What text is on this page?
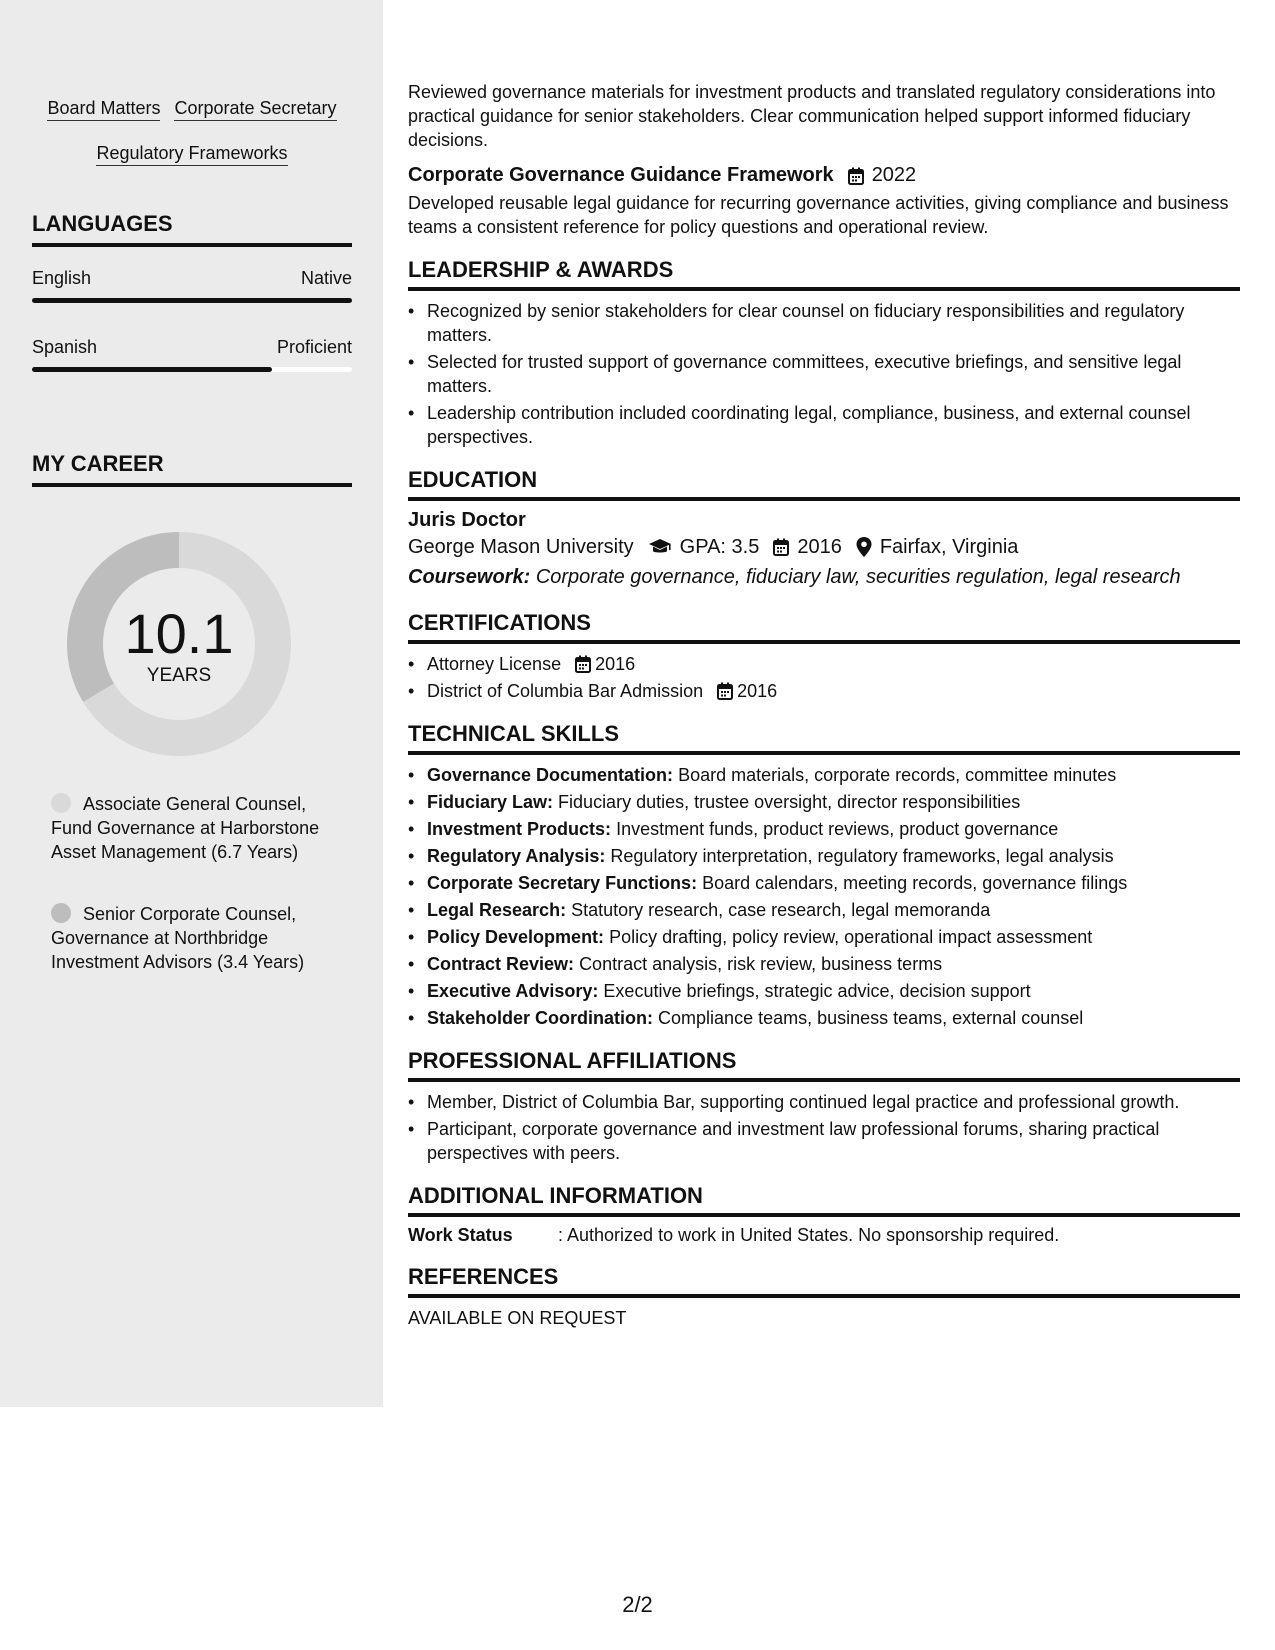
Board Matters Corporate Secretary
Regulatory Frameworks
LANGUAGES
English	Native
Spanish	Proficient
MY CAREER
10.1
YEARS
Associate General Counsel, Fund Governance at Harborstone Asset Management (6.7 Years)
Senior Corporate Counsel, Governance at Northbridge Investment Advisors (3.4 Years)

Reviewed governance materials for investment products and translated regulatory considerations into practical guidance for senior stakeholders. Clear communication helped support informed fiduciary decisions.

Corporate Governance Guidance Framework 2022

Developed reusable legal guidance for recurring governance activities, giving compliance and business teams a consistent reference for policy questions and operational review.

LEADERSHIP & AWARDS
• Recognized by senior stakeholders for clear counsel on fiduciary responsibilities and regulatory matters.
• Selected for trusted support of governance committees, executive briefings, and sensitive legal matters.
• Leadership contribution included coordinating legal, compliance, business, and external counsel perspectives.
EDUCATION
Juris Doctor
George Mason University GPA: 3.5 2016 Fairfax, Virginia
Coursework: Corporate governance, fiduciary law, securities regulation, legal research
CERTIFICATIONS
• Attorney License 2016
• District of Columbia Bar Admission 2016
TECHNICAL SKILLS
• Governance Documentation: Board materials, corporate records, committee minutes
• Fiduciary Law: Fiduciary duties, trustee oversight, director responsibilities
• Investment Products: Investment funds, product reviews, product governance
• Regulatory Analysis: Regulatory interpretation, regulatory frameworks, legal analysis
• Corporate Secretary Functions: Board calendars, meeting records, governance filings
• Legal Research: Statutory research, case research, legal memoranda
• Policy Development: Policy drafting, policy review, operational impact assessment
• Contract Review: Contract analysis, risk review, business terms
• Executive Advisory: Executive briefings, strategic advice, decision support
• Stakeholder Coordination: Compliance teams, business teams, external counsel
PROFESSIONAL AFFILIATIONS
• Member, District of Columbia Bar, supporting continued legal practice and professional growth.
• Participant, corporate governance and investment law professional forums, sharing practical perspectives with peers.
ADDITIONAL INFORMATION
Work Status	: Authorized to work in United States. No sponsorship required.
REFERENCES

AVAILABLE ON REQUEST

2/2
